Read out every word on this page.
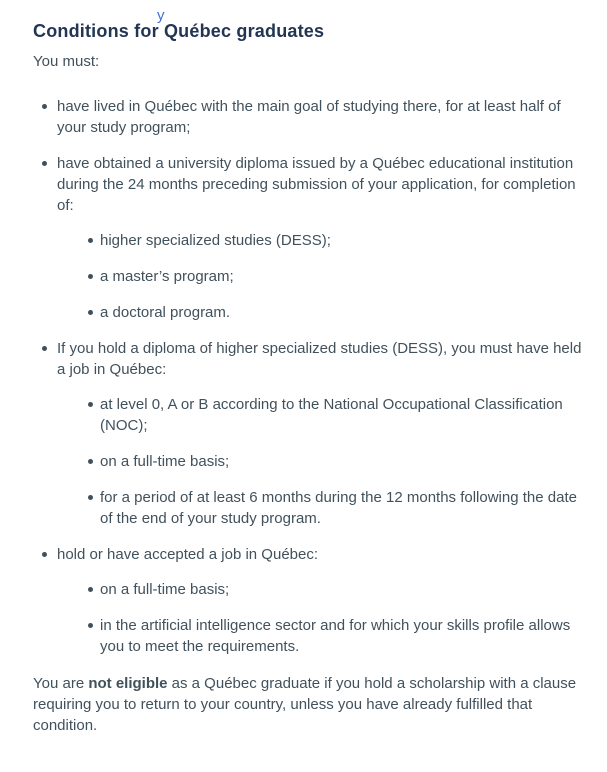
y
Conditions for Québec graduates

You must:

have lived in Québec with the main goal of studying there, for at least half of your study program;
have obtained a university diploma issued by a Québec educational institution during the 24 months preceding submission of your application, for completion of:
higher specialized studies (DESS);
a master’s program;
a doctoral program.
If you hold a diploma of higher specialized studies (DESS), you must have held a job in Québec:
at level 0, A or B according to the National Occupational Classification (NOC);
on a full-time basis;
for a period of at least 6 months during the 12 months following the date of the end of your study program.
hold or have accepted a job in Québec:
on a full-time basis;
in the artificial intelligence sector and for which your skills profile allows you to meet the requirements.

You are not eligible as a Québec graduate if you hold a scholarship with a clause requiring you to return to your country, unless you have already fulfilled that condition.
